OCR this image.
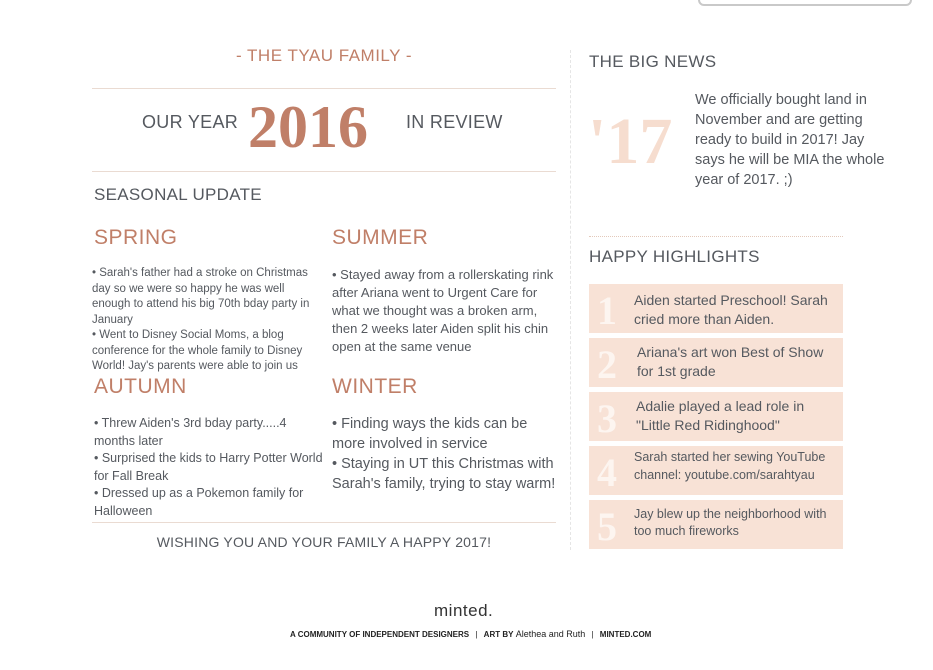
- THE TYAU FAMILY -
OUR YEAR 2016 IN REVIEW
SEASONAL UPDATE
SPRING
• Sarah's father had a stroke on Christmas day so we were so happy he was well enough to attend his big 70th bday party in January
• Went to Disney Social Moms, a blog conference for the whole family to Disney World! Jay's parents were able to join us
SUMMER
• Stayed away from a rollerskating rink after Ariana went to Urgent Care for what we thought was a broken arm, then 2 weeks later Aiden split his chin open at the same venue
AUTUMN
• Threw Aiden's 3rd bday party.....4 months later
• Surprised the kids to Harry Potter World for Fall Break
• Dressed up as a Pokemon family for Halloween
WINTER
• Finding ways the kids can be more involved in service
• Staying in UT this Christmas with Sarah's family, trying to stay warm!
WISHING YOU AND YOUR FAMILY A HAPPY 2017!
THE BIG NEWS
'17
We officially bought land in November and are getting ready to build in 2017! Jay says he will be MIA the whole year of 2017. ;)
HAPPY HIGHLIGHTS
1 Aiden started Preschool! Sarah cried more than Aiden.
2 Ariana's art won Best of Show for 1st grade
3 Adalie played a lead role in "Little Red Ridinghood"
4 Sarah started her sewing YouTube channel: youtube.com/sarahtyau
5 Jay blew up the neighborhood with too much fireworks
minted.
A COMMUNITY OF INDEPENDENT DESIGNERS | ART BY Alethea and Ruth | MINTED.COM
